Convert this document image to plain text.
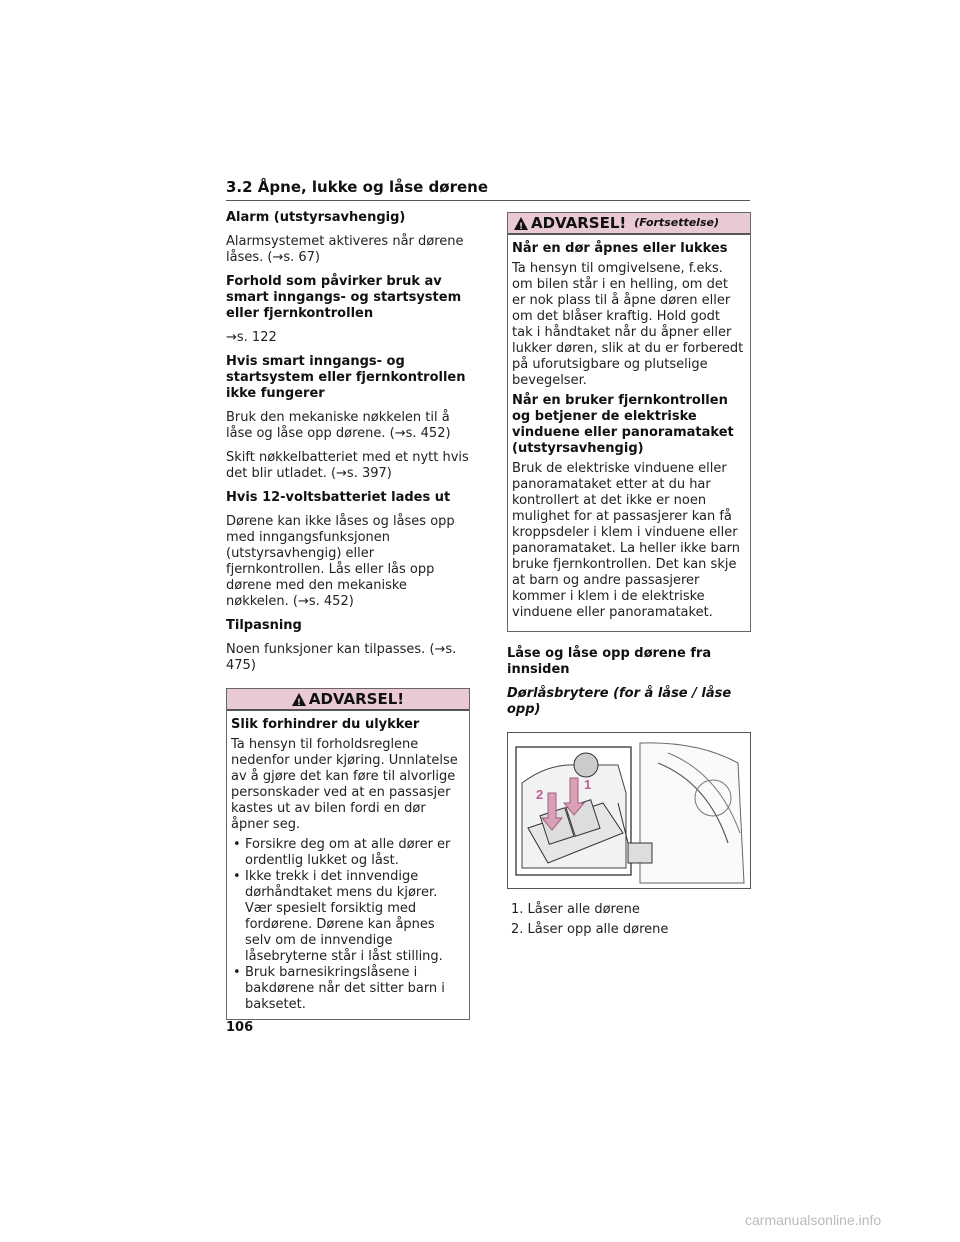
3.2 Åpne, lukke og låse dørene
Alarm (utstyrsavhengig)
Alarmsystemet aktiveres når dørene låses. (→s. 67)
Forhold som påvirker bruk av smart inngangs- og startsystem eller fjernkontrollen
→s. 122
Hvis smart inngangs- og startsystem eller fjernkontrollen ikke fungerer
Bruk den mekaniske nøkkelen til å låse og låse opp dørene. (→s. 452)
Skift nøkkelbatteriet med et nytt hvis det blir utladet. (→s. 397)
Hvis 12-voltsbatteriet lades ut
Dørene kan ikke låses og låses opp med inngangsfunksjonen (utstyrsavhengig) eller fjernkontrollen. Lås eller lås opp dørene med den mekaniske nøkkelen. (→s. 452)
Tilpasning
Noen funksjoner kan tilpasses. (→s. 475)
!
ADVARSEL!
Slik forhindrer du ulykker
Ta hensyn til forholdsreglene nedenfor under kjøring. Unnlatelse av å gjøre det kan føre til alvorlige personskader ved at en passasjer kastes ut av bilen fordi en dør åpner seg.
• Forsikre deg om at alle dører er ordentlig lukket og låst.
• Ikke trekk i det innvendige dørhåndtaket mens du kjører. Vær spesielt forsiktig med fordørene. Dørene kan åpnes selv om de innvendige låsebryterne står i låst stilling.
• Bruk barnesikringslåsene i bakdørene når det sitter barn i baksetet.
!
ADVARSEL! (Fortsettelse)
Når en dør åpnes eller lukkes
Ta hensyn til omgivelsene, f.eks. om bilen står i en helling, om det er nok plass til å åpne døren eller om det blåser kraftig. Hold godt tak i håndtaket når du åpner eller lukker døren, slik at du er forberedt på uforutsigbare og plutselige bevegelser.
Når en bruker fjernkontrollen og betjener de elektriske vinduene eller panoramataket (utstyrsavhengig)
Bruk de elektriske vinduene eller panoramataket etter at du har kontrollert at det ikke er noen mulighet for at passasjerer kan få kroppsdeler i klem i vinduene eller panoramataket. La heller ikke barn bruke fjernkontrollen. Det kan skje at barn og andre passasjerer kommer i klem i de elektriske vinduene eller panoramataket.
Låse og låse opp dørene fra innsiden
Dørlåsbrytere (for å låse / låse opp)
1
2
1. Låser alle dørene
2. Låser opp alle dørene
106
carmanualsonline.info
